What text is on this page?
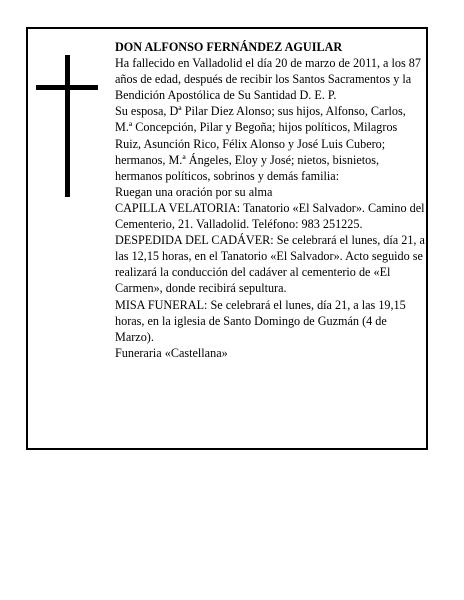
DON ALFONSO FERNÁNDEZ AGUILAR

Ha fallecido en Valladolid el día 20 de marzo de 2011, a los 87 años de edad, después de recibir los Santos Sacramentos y la Bendición Apostólica de Su Santidad D. E. P.

Su esposa, Dª Pilar Diez Alonso; sus hijos, Alfonso, Carlos, M.ª Concepción, Pilar y Begoña; hijos políticos, Milagros Ruiz, Asunción Rico, Félix Alonso y José Luis Cubero; hermanos, M.ª Ángeles, Eloy y José; nietos, bisnietos, hermanos políticos, sobrinos y demás familia:

Ruegan una oración por su alma

CAPILLA VELATORIA: Tanatorio «El Salvador». Camino del Cementerio, 21. Valladolid. Teléfono: 983 251225.

DESPEDIDA DEL CADÁVER: Se celebrará el lunes, día 21, a las 12,15 horas, en el Tanatorio «El Salvador». Acto seguido se realizará la conducción del cadáver al cementerio de «El Carmen», donde recibirá sepultura.

MISA FUNERAL: Se celebrará el lunes, día 21, a las 19,15 horas, en la iglesia de Santo Domingo de Guzmán (4 de Marzo).

Funeraria «Castellana»
